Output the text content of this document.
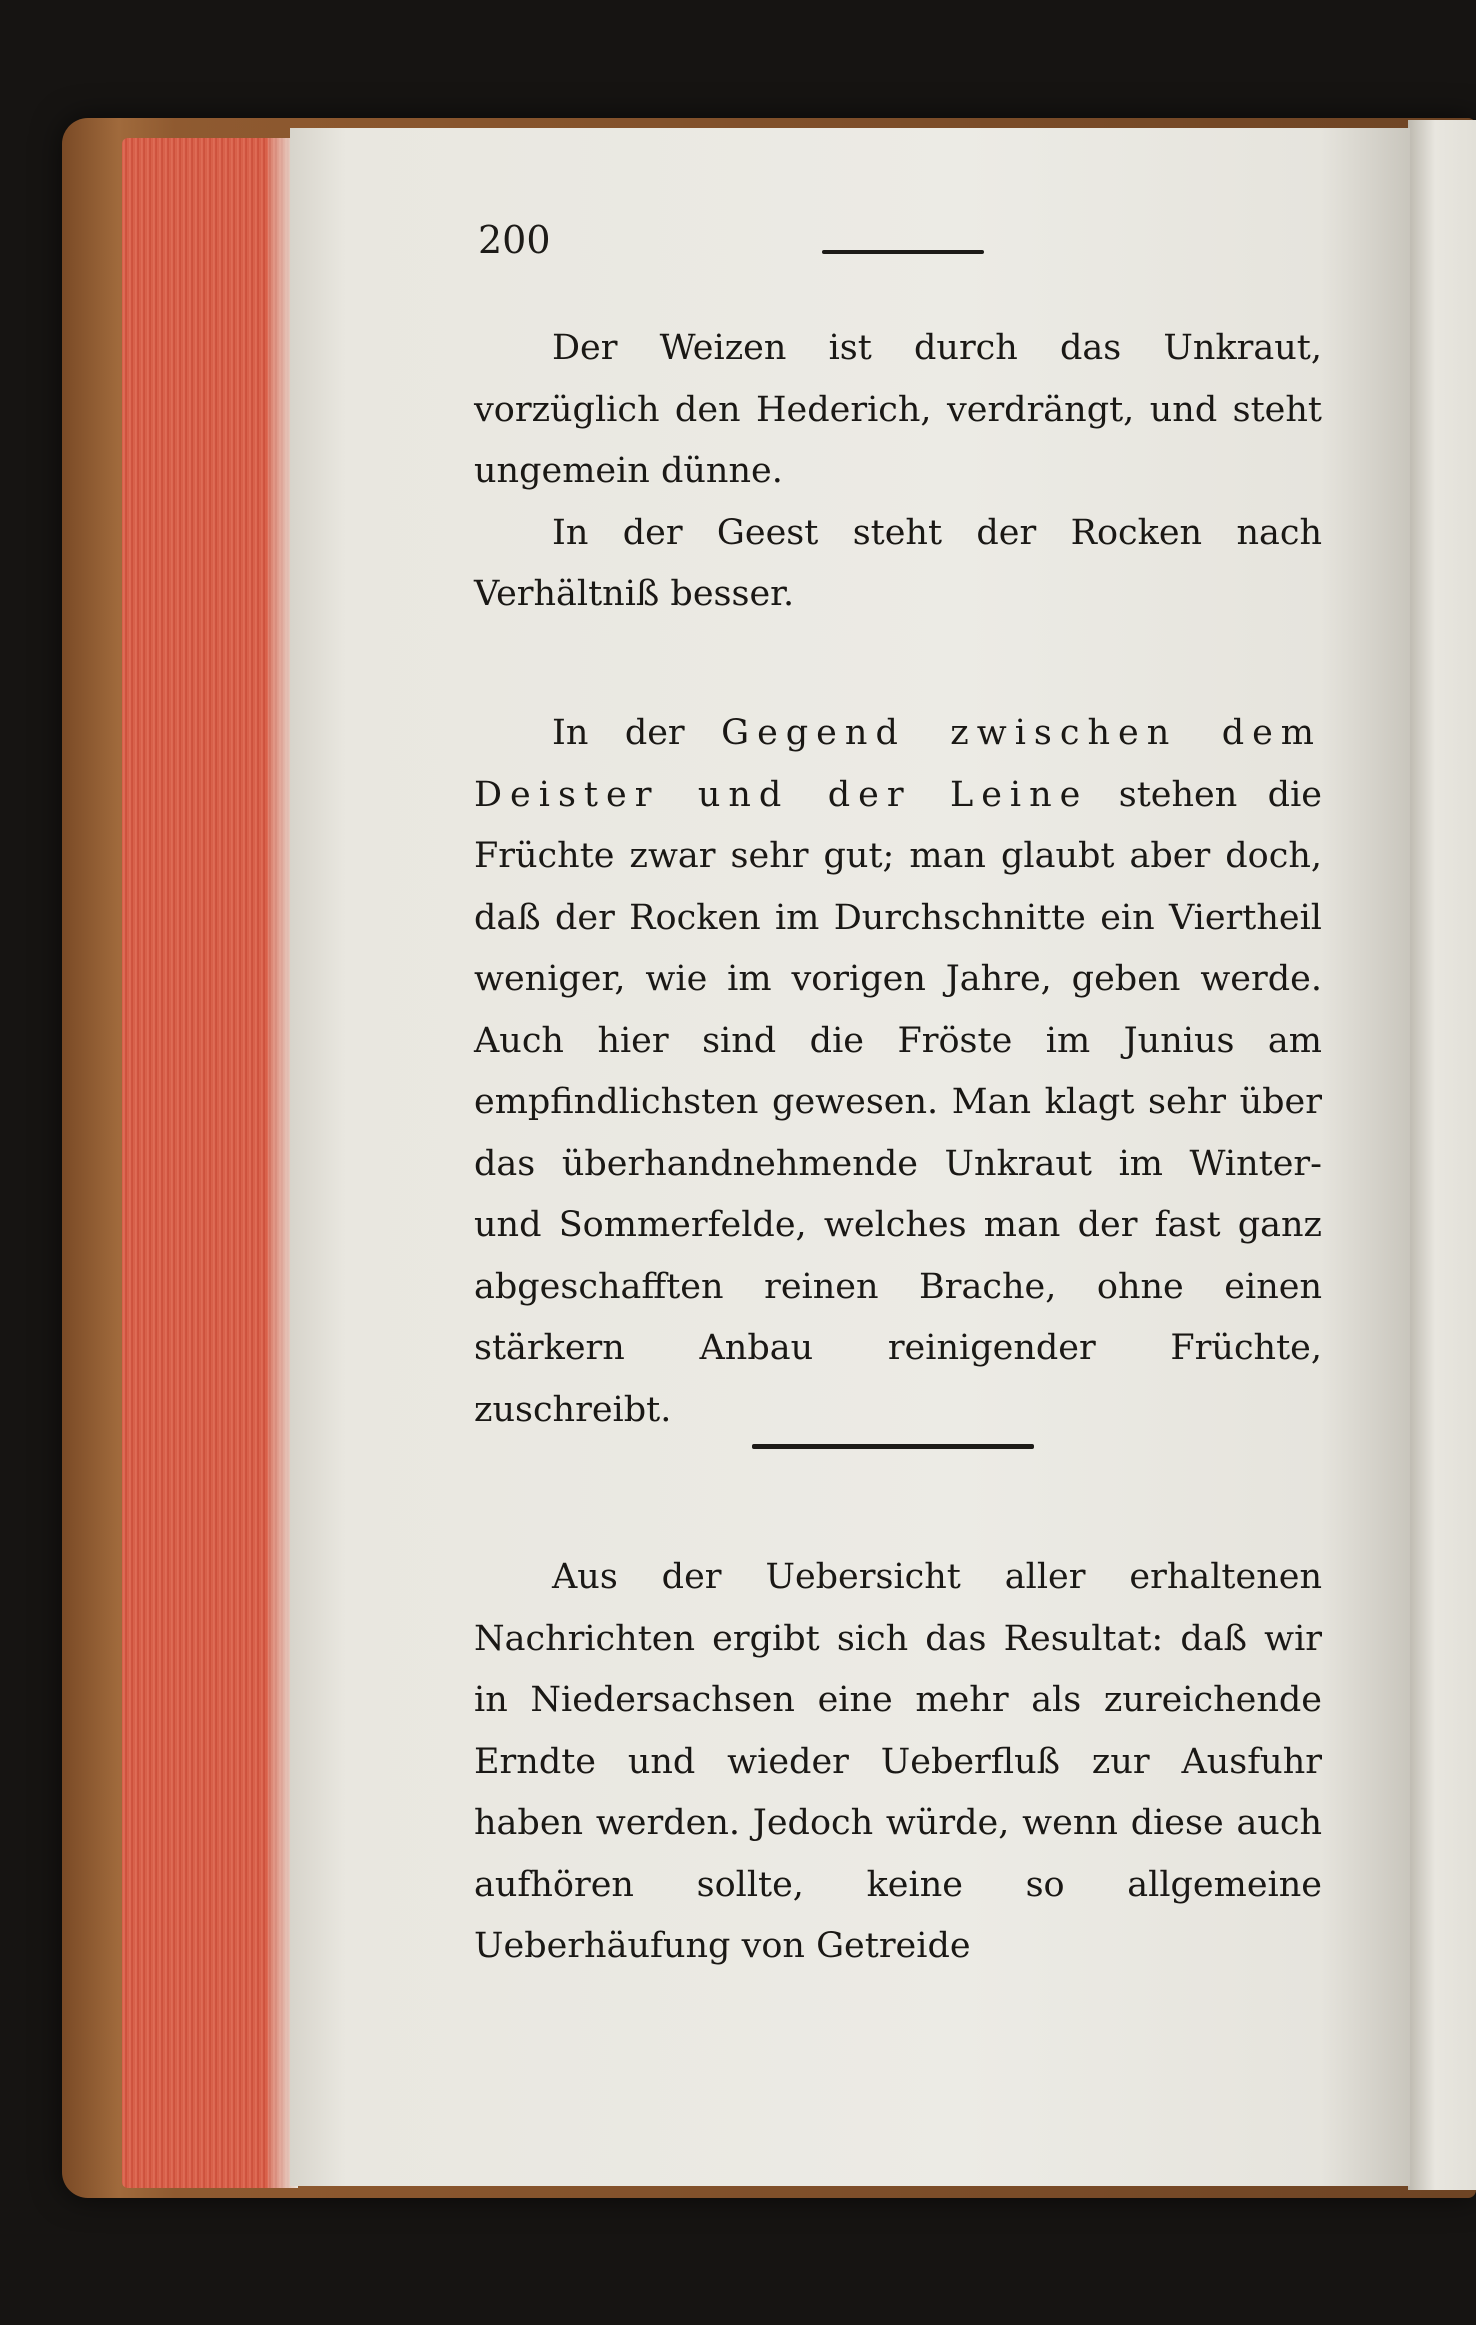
200

Der Weizen ist durch das Unkraut, vorzüglich den Hederich, verdrängt, und steht ungemein dünne.

In der Geest steht der Rocken nach Verhältniß besser.

In der Gegend zwischen dem Deister und der Leine stehen die Früchte zwar sehr gut; man glaubt aber doch, daß der Rocken im Durchschnitte ein Viertheil weniger, wie im vorigen Jahre, geben werde. Auch hier sind die Fröste im Junius am empfindlichsten gewesen. Man klagt sehr über das überhandnehmende Unkraut im Winter- und Sommerfelde, welches man der fast ganz abgeschafften reinen Brache, ohne einen stärkern Anbau reinigender Früchte, zuschreibt.

Aus der Uebersicht aller erhaltenen Nachrichten ergibt sich das Resultat: daß wir in Niedersachsen eine mehr als zureichende Erndte und wieder Ueberfluß zur Ausfuhr haben werden. Jedoch würde, wenn diese auch aufhören sollte, keine so allgemeine Ueberhäufung von Getreide
